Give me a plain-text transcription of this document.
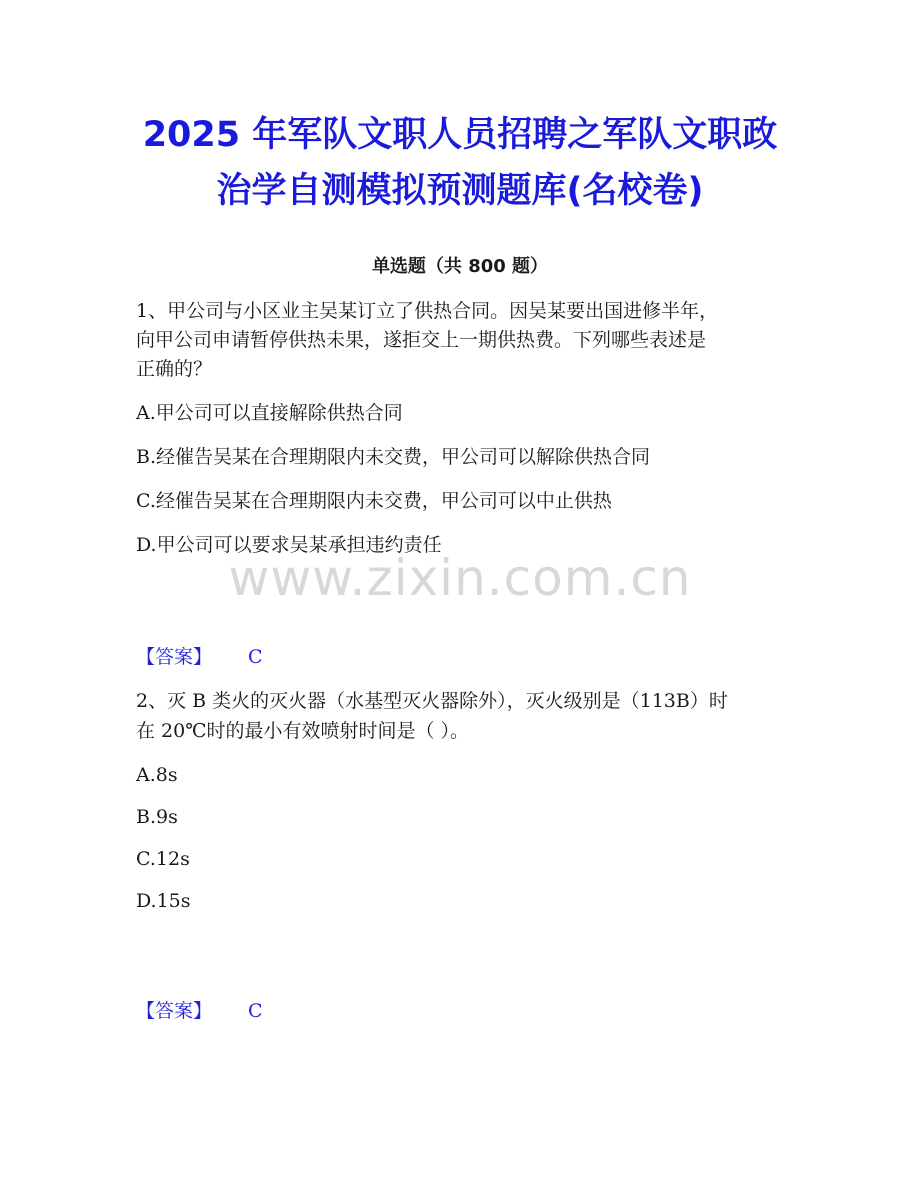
2025 年军队文职人员招聘之军队文职政
治学自测模拟预测题库(名校卷)
单选题（共 800 题）
1、甲公司与小区业主吴某订立了供热合同。因吴某要出国进修半年，
向甲公司申请暂停供热未果，遂拒交上一期供热费。下列哪些表述是
正确的？
A.甲公司可以直接解除供热合同
B.经催告吴某在合理期限内未交费，甲公司可以解除供热合同
C.经催告吴某在合理期限内未交费，甲公司可以中止供热
D.甲公司可以要求吴某承担违约责任
www.zixin.com.cn
【答案】 C
2、灭 B 类火的灭火器（水基型灭火器除外），灭火级别是（113B）时
在 20℃时的最小有效喷射时间是（ ）。
A.8s
B.9s
C.12s
D.15s
【答案】 C
